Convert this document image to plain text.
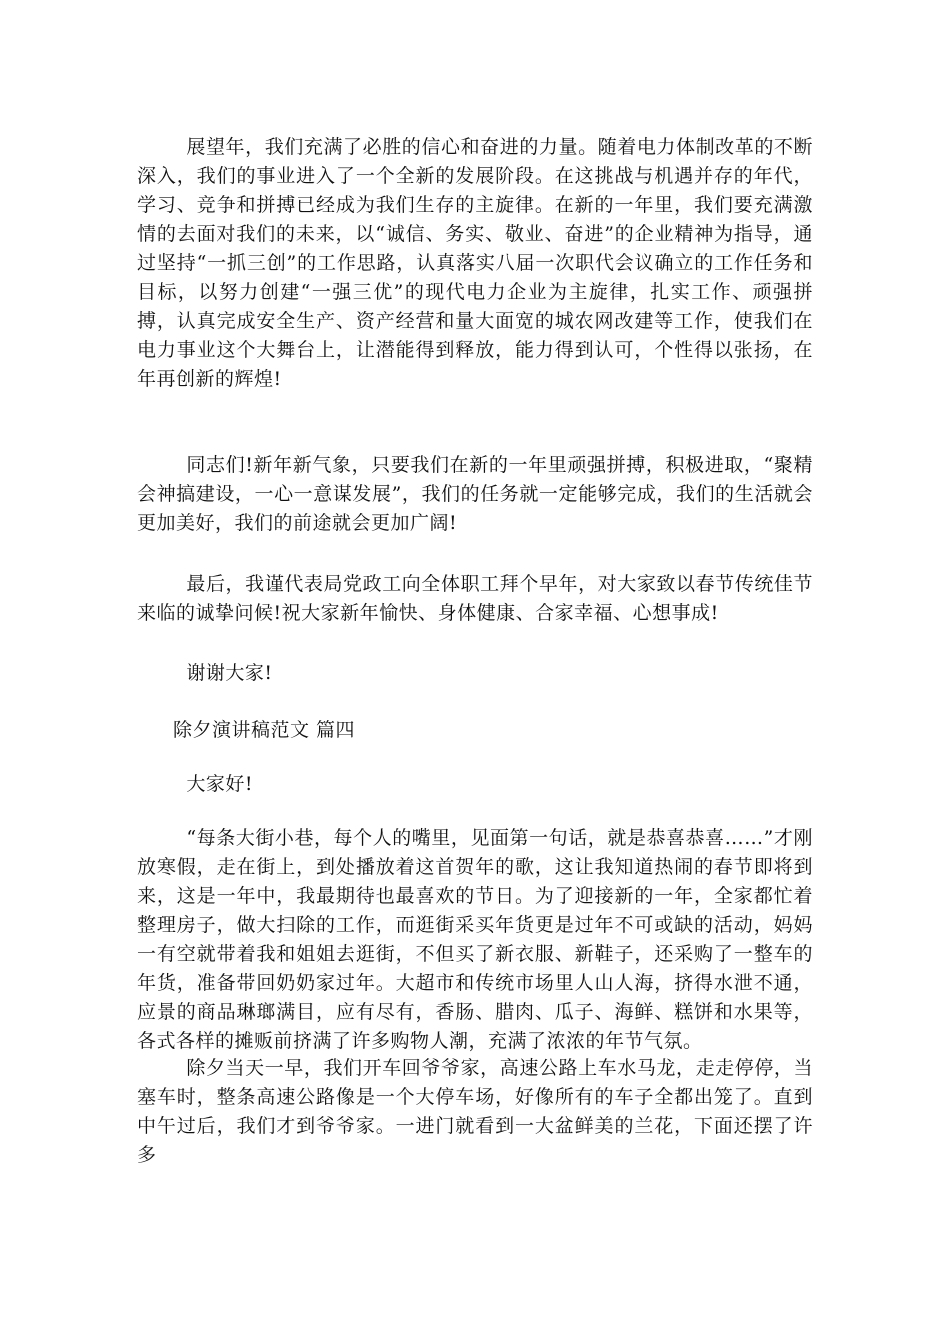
展望年，我们充满了必胜的信心和奋进的力量。随着电力体制改革的不断深入，我们的事业进入了一个全新的发展阶段。在这挑战与机遇并存的年代，学习、竞争和拼搏已经成为我们生存的主旋律。在新的一年里，我们要充满激情的去面对我们的未来，以“诚信、务实、敬业、奋进”的企业精神为指导，通过坚持“一抓三创”的工作思路，认真落实八届一次职代会议确立的工作任务和目标，以努力创建“一强三优”的现代电力企业为主旋律，扎实工作、顽强拼搏，认真完成安全生产、资产经营和量大面宽的城农网改建等工作，使我们在电力事业这个大舞台上，让潜能得到释放，能力得到认可，个性得以张扬，在年再创新的辉煌!

同志们!新年新气象，只要我们在新的一年里顽强拼搏，积极进取，“聚精会神搞建设，一心一意谋发展”，我们的任务就一定能够完成，我们的生活就会更加美好，我们的前途就会更加广阔!

最后，我谨代表局党政工向全体职工拜个早年，对大家致以春节传统佳节来临的诚挚问候!祝大家新年愉快、身体健康、合家幸福、心想事成!

谢谢大家!

除夕演讲稿范文 篇四

大家好!

“每条大街小巷，每个人的嘴里，见面第一句话，就是恭喜恭喜……”才刚放寒假，走在街上，到处播放着这首贺年的歌，这让我知道热闹的春节即将到来，这是一年中，我最期待也最喜欢的节日。为了迎接新的一年，全家都忙着整理房子，做大扫除的工作，而逛街采买年货更是过年不可或缺的活动，妈妈一有空就带着我和姐姐去逛街，不但买了新衣服、新鞋子，还采购了一整车的年货，准备带回奶奶家过年。大超市和传统市场里人山人海，挤得水泄不通，应景的商品琳瑯满目，应有尽有，香肠、腊肉、瓜子、海鲜、糕饼和水果等，各式各样的摊贩前挤满了许多购物人潮，充满了浓浓的年节气氛。

除夕当天一早，我们开车回爷爷家，高速公路上车水马龙，走走停停，当塞车时，整条高速公路像是一个大停车场，好像所有的车子全都出笼了。直到中午过后，我们才到爷爷家。一进门就看到一大盆鲜美的兰花，下面还摆了许多
